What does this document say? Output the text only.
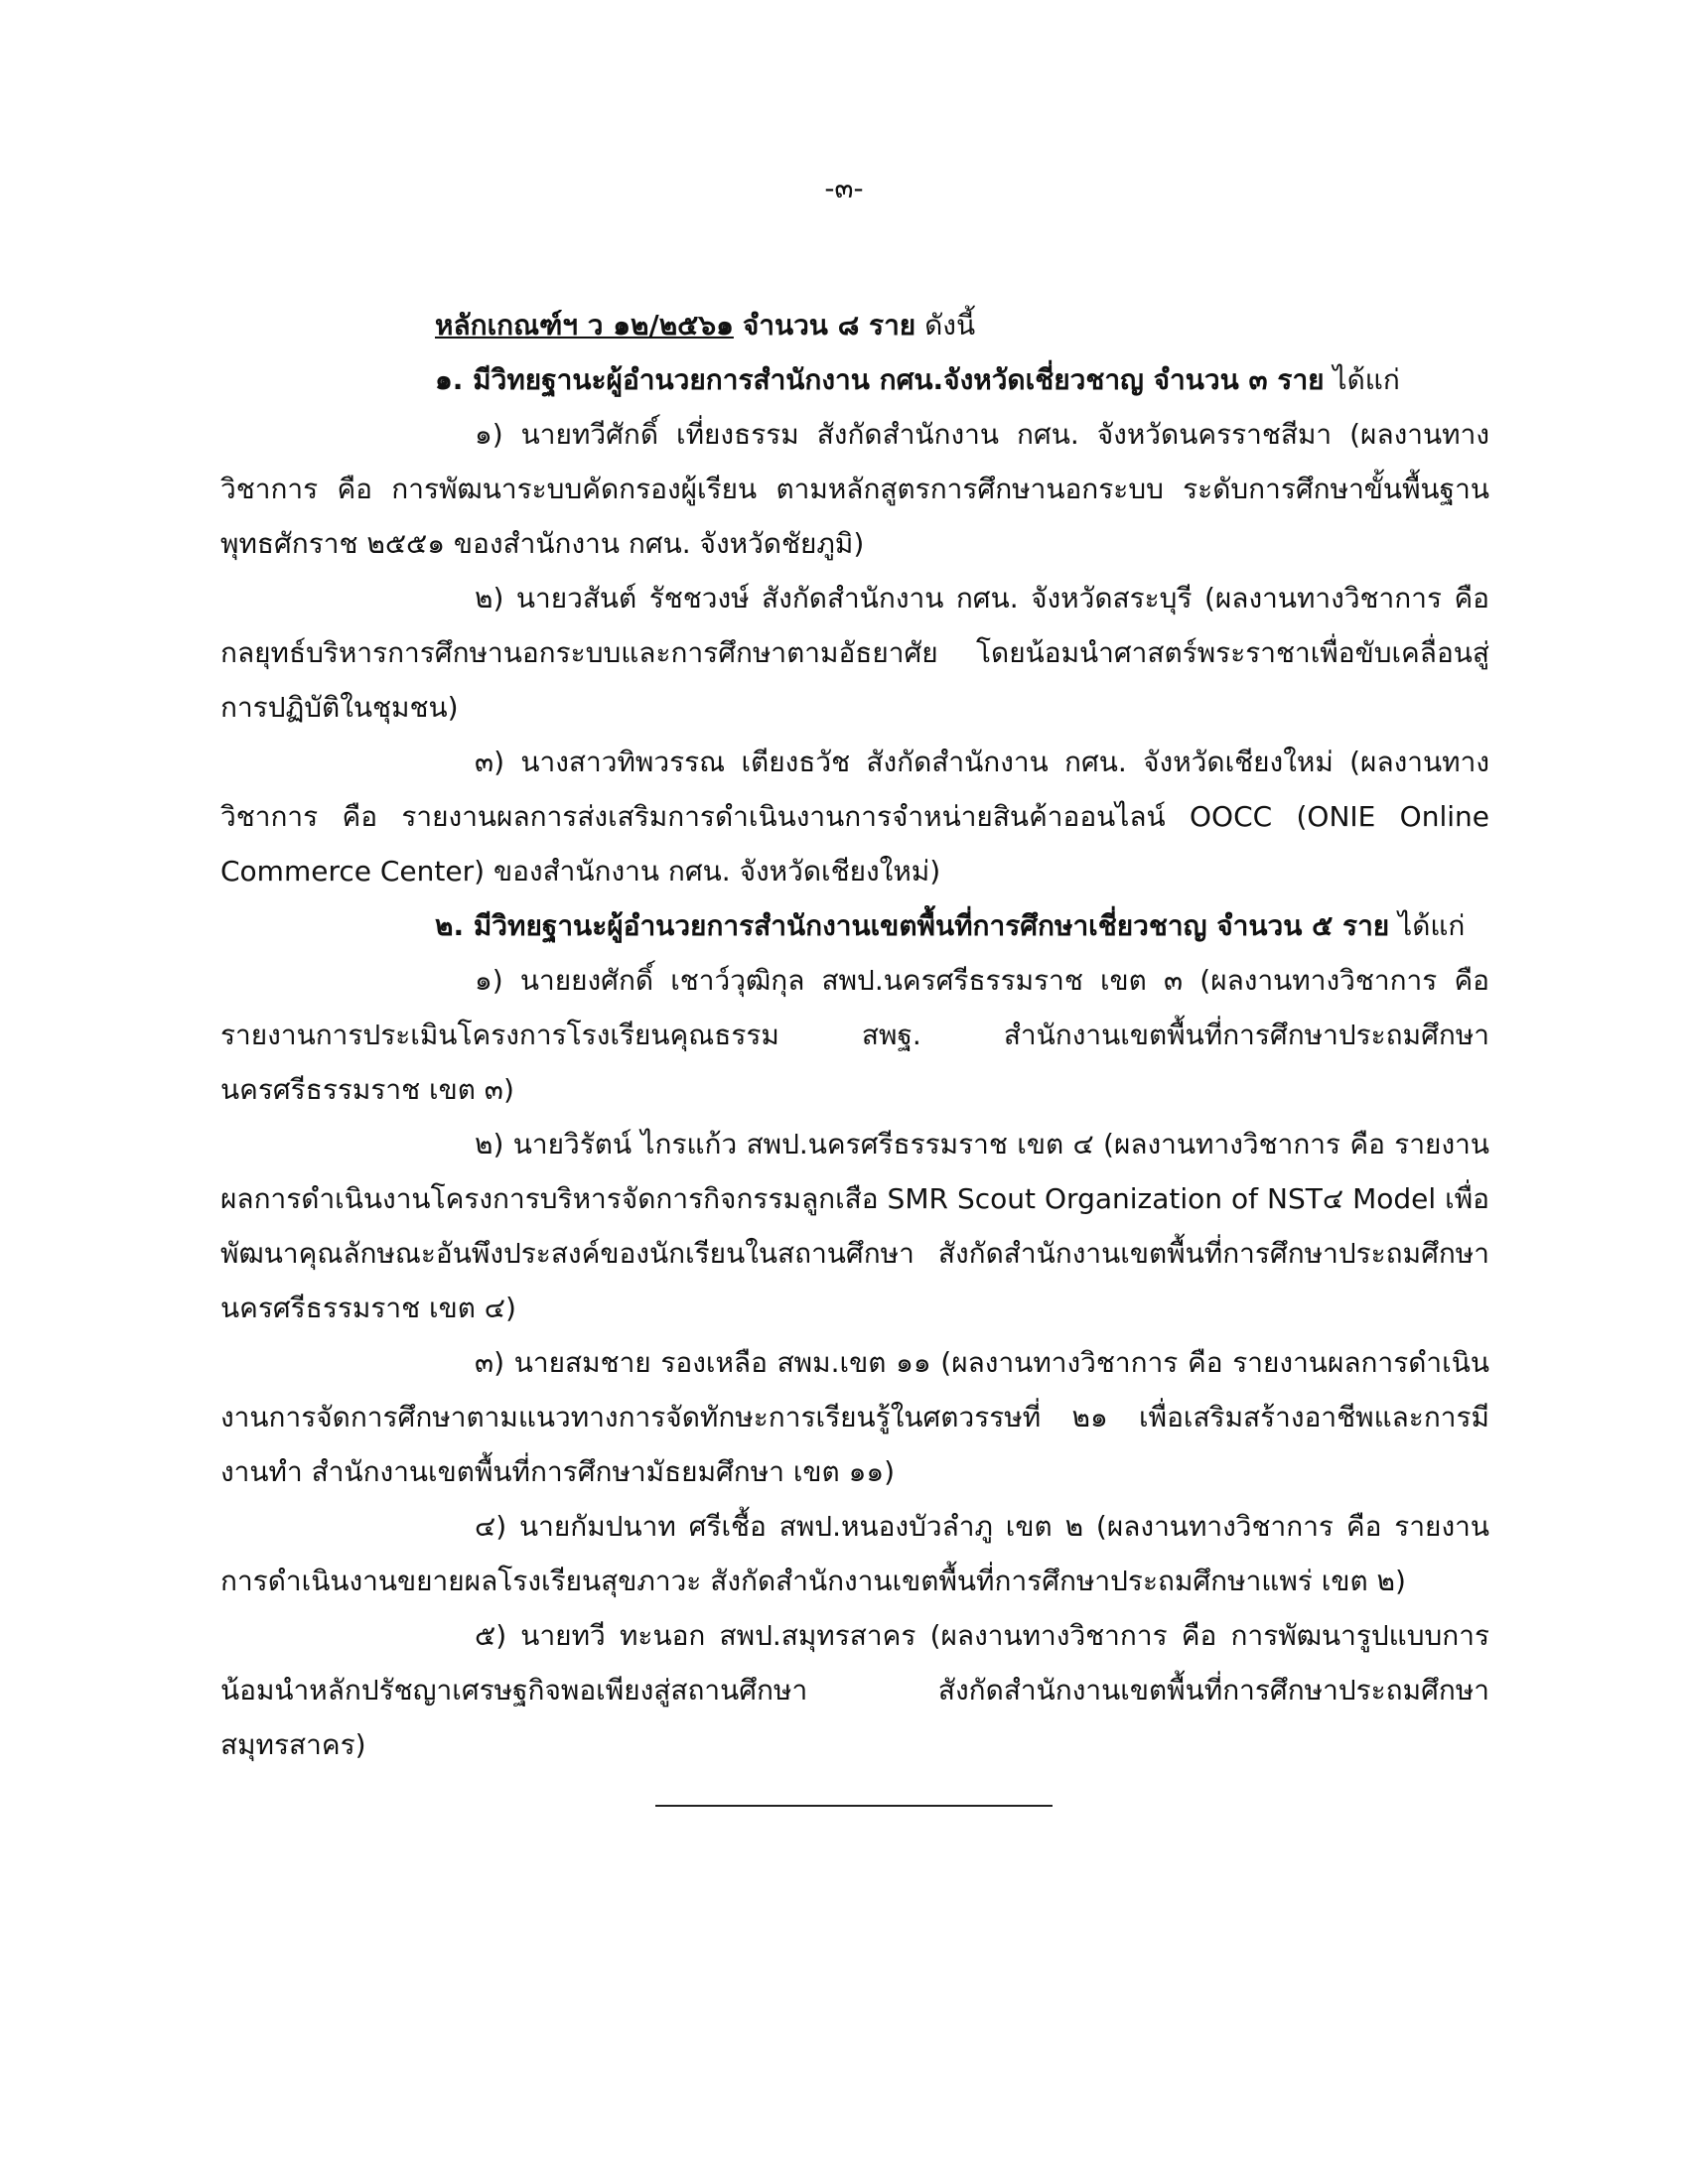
-๓-

หลักเกณฑ์ฯ ว ๑๒/๒๕๖๑ จำนวน ๘ ราย ดังนี้

๑. มีวิทยฐานะผู้อำนวยการสำนักงาน กศน.จังหวัดเชี่ยวชาญ จำนวน ๓ ราย ได้แก่

๑) นายทวีศักดิ์ เที่ยงธรรม สังกัดสำนักงาน กศน. จังหวัดนครราชสีมา (ผลงานทางวิชาการ คือ การพัฒนาระบบคัดกรองผู้เรียน ตามหลักสูตรการศึกษานอกระบบ ระดับการศึกษาขั้นพื้นฐาน พุทธศักราช ๒๕๕๑ ของสำนักงาน กศน. จังหวัดชัยภูมิ)

๒) นายวสันต์ รัชชวงษ์ สังกัดสำนักงาน กศน. จังหวัดสระบุรี (ผลงานทางวิชาการ คือ กลยุทธ์บริหารการศึกษานอกระบบและการศึกษาตามอัธยาศัย โดยน้อมนำศาสตร์พระราชาเพื่อขับเคลื่อนสู่การปฏิบัติในชุมชน)

๓) นางสาวทิพวรรณ เตียงธวัช สังกัดสำนักงาน กศน. จังหวัดเชียงใหม่ (ผลงานทางวิชาการ คือ รายงานผลการส่งเสริมการดำเนินงานการจำหน่ายสินค้าออนไลน์ OOCC (ONIE Online Commerce Center) ของสำนักงาน กศน. จังหวัดเชียงใหม่)

๒. มีวิทยฐานะผู้อำนวยการสำนักงานเขตพื้นที่การศึกษาเชี่ยวชาญ จำนวน ๕ ราย ได้แก่

๑) นายยงศักดิ์ เชาว์วุฒิกุล สพป.นครศรีธรรมราช เขต ๓ (ผลงานทางวิชาการ คือ รายงานการประเมินโครงการโรงเรียนคุณธรรม สพฐ. สำนักงานเขตพื้นที่การศึกษาประถมศึกษานครศรีธรรมราช เขต ๓)

๒) นายวิรัตน์ ไกรแก้ว สพป.นครศรีธรรมราช เขต ๔ (ผลงานทางวิชาการ คือ รายงานผลการดำเนินงานโครงการบริหารจัดการกิจกรรมลูกเสือ SMR Scout Organization of NST๔ Model เพื่อพัฒนาคุณลักษณะอันพึงประสงค์ของนักเรียนในสถานศึกษา สังกัดสำนักงานเขตพื้นที่การศึกษาประถมศึกษานครศรีธรรมราช เขต ๔)

๓) นายสมชาย รองเหลือ สพม.เขต ๑๑ (ผลงานทางวิชาการ คือ รายงานผลการดำเนินงานการจัดการศึกษาตามแนวทางการจัดทักษะการเรียนรู้ในศตวรรษที่ ๒๑ เพื่อเสริมสร้างอาชีพและการมีงานทำ สำนักงานเขตพื้นที่การศึกษามัธยมศึกษา เขต ๑๑)

๔) นายกัมปนาท ศรีเชื้อ สพป.หนองบัวลำภู เขต ๒ (ผลงานทางวิชาการ คือ รายงานการดำเนินงานขยายผลโรงเรียนสุขภาวะ สังกัดสำนักงานเขตพื้นที่การศึกษาประถมศึกษาแพร่ เขต ๒)

๕) นายทวี ทะนอก สพป.สมุทรสาคร (ผลงานทางวิชาการ คือ การพัฒนารูปแบบการน้อมนำหลักปรัชญาเศรษฐกิจพอเพียงสู่สถานศึกษา สังกัดสำนักงานเขตพื้นที่การศึกษาประถมศึกษาสมุทรสาคร)
